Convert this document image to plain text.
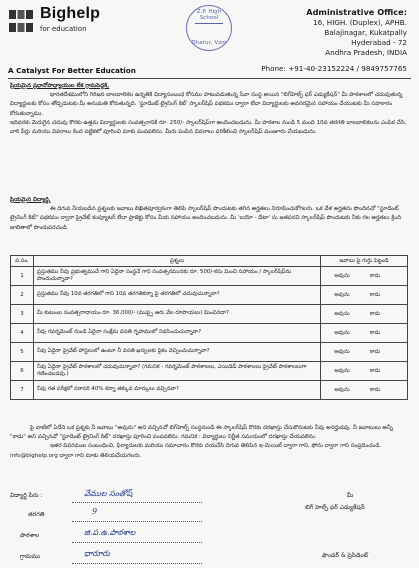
Bighelp
for education
A Catalyst For Better Education
Z.P. High School
Dharur, Vzm
Administrative Office:
16, HIGH. (Duplex), APHB.
Balajinagar, Kukatpally
Hyderabad - 72
Andhra Pradesh, INDIA
Phone: +91-40-23152224 / 9849757765
ప్రియమైన ప్రధానోపాధ్యాయుల లేక గ్రామపెద్దకి,
భారతదేశములోని గిరిజన బాలబాలికల ఉన్నతికి విద్యాసంబంధ కోసము పాటుపడుతున్న సేవా సంస్థ అయిన "బిగ్‌హెల్ప్ ఫర్ ఎడ్యుకేషన్" మీ పాఠశాలలో చదువుతున్న విద్యార్థులకు కోసం తోడ్పడుటకు మీ అనుమతి కోరుతున్నది. 'స్టూడెంట్ ట్రైనింగ్ కిట్' స్కాలర్‌షిప్ పథకము ద్వారా లేదా విద్యార్థులకు అవసరమైన సహాయం చేయుటకు మీ సహకారం కోరుతున్నాము.
ఇదివరకు మెరుగైన చదువు కొరకు ఉత్తమ విద్యార్థులకు సంవత్సరానికి రూ. 250/- స్కాలర్‌షిప్‌గా అందించబడును. మీ పాఠశాల నుండి 5 మంది 10వ తరగతి బాలబాలికలను ఎంపిక చేసి, వారి పేర్లు మరియు వివరాలు కింద పట్టికలో పూరించి మాకు పంపవలెను. మీరు పంపిన వివరాలు పరిశీలించి స్కాలర్‌షిప్ మంజూరు చేయబడును.
ప్రియమైన విద్యార్థి,
ఈ దిగువ నీయబడిన ప్రశ్నలకు జవాబు లిఖితపూర్వకంగా తెలిపి స్కాలర్‌షిప్ పొందుటకు తగిన అర్హతలు నిరూపించుకోగలరు. ఒక వేళ అర్హతను పొందినచో "స్టూడెంట్ ట్రైనింగ్ కిట్" పథకము ద్వారా ప్రైవేట్ కంప్యూటర్ లేదా ప్రాజెక్టు కోసం మీకు సహాయం అందించబడును. మీ 'బయో - డేటా' ను జతపరచి స్కాలర్‌షిప్ పొందుటకు నీకు గల అర్హతలు క్రింది జాబితాలో పొందుపరచండి.
వ.సం.	ప్రశ్నలు	జవాబు పై గుర్తు పెట్టండి
1	ప్రస్తుతము నీవు ప్రభుత్వముచే గాని ఏదైనా సంస్థచే గాని సంవత్సరమునకు రూ. 500/-కను మించి సహాయం / స్కాలర్‌షిప్‌ను పొందుచున్నావా?	అవును కాదు
2	ప్రస్తుతము నీవు 10వ తరగతిలో గాని 10వ తరగతికన్నా పై తరగతిలో చదువుచున్నావా?	అవును కాదు
3	మీ కుటుంబ సంవత్సరాదాయం రూ. 36,000/- (ముప్పై ఆరు వేల రూపాయలు) మించినదా?	అవును కాదు
4	నీవు గవర్నమెంట్ నుండి ఏదైనా సంక్షేమ వసతి గృహములో నివసించుచున్నావా?	అవును కాదు
5	నీవు ఏదైనా ప్రైవేట్ హాస్టలులో ఉంటూ నీ వసతి ఖర్చులకు పైకం వెచ్చించుచున్నావా?	అవును కాదు
6	నీవు ఏదైనా ప్రైవేట్ పాఠశాలలో చదువుచున్నావా? (గమనిక - గవర్నమెంట్ పాఠశాలలు, ఎయిడెడ్ పాఠశాలలు ప్రైవేట్ పాఠశాలలుగా గణించబడవు.)	అవును కాదు
7	నీవు గత పరీక్షలో సరాసరి 40% కన్నా తక్కువ మార్కులు వచ్చినవా?	అవును కాదు
పై వాటిలో ఏదేని ఒక ప్రశ్నకు నీ జవాబు "అవును" అని వచ్చినచో బిగ్‌హెల్ప్ సంస్థనుండి ఈ స్కాలర్‌షిప్ కొరకు దరఖాస్తు చేసుకొనుటకు నీవు అనర్హుడవు. నీ జవాబులు అన్నీ "కాదు" అని వచ్చినచో "స్టూడెంట్ ట్రైనింగ్ కిట్" దరఖాస్తు పూరించి పంపవలెను. గమనిక : విద్యార్థులు నిర్ణీత సమయంలో దరఖాస్తు చేయవలెను.
ఇతర వివరముల సంబంధించి, ఫిర్యాదులకు మరియు సమాచారం కొరకు దయచేసి దిగువ తెలిపిన ఇ-మెయిల్ ద్వారా గాని, ఫోను ద్వారా గాని సంప్రదించండి.
info@bighelp.org ద్వారా గాని మాకు తెలియచేయగలరు.
విద్యార్థి పేరు :	వేముల సంతోష్
తరగతి	9
పాఠశాల	జి.ప.ఉ.పాఠశాల
గ్రామము	ధారూరు
మీ
బిగ్ హెల్ప్ ఫర్ ఎడ్యుకేషన్
ఫౌండర్ & ప్రెసిడెంట్
